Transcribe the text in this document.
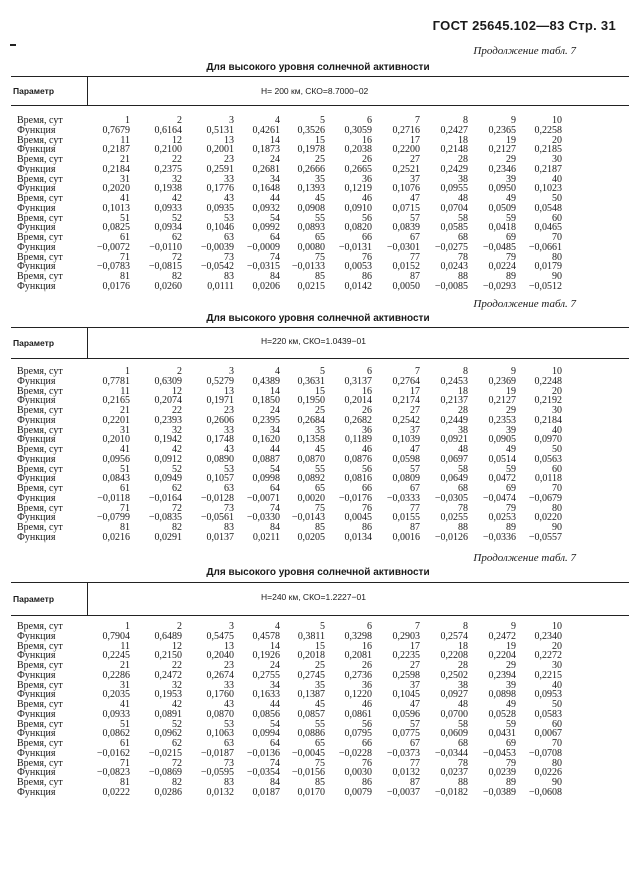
ГОСТ 25645.102—83 Стр. 31
Продолжение табл. 7
Для высокого уровня солнечной активности
Параметр	H= 200 км, СКО=8.7000−02
Время, сут	1	2	3	4	5	6	7	8	9	10
Функция	0,7679	0,6164	0,5131	0,4261	0,3526	0,3059	0,2716	0,2427	0,2365	0,2258
Время, сут	11	12	13	14	15	16	17	18	19	20
Функция	0,2187	0,2100	0,2001	0,1873	0,1978	0,2038	0,2200	0,2148	0,2127	0,2185
Время, сут	21	22	23	24	25	26	27	28	29	30
Функция	0,2184	0,2375	0,2591	0,2681	0,2666	0,2665	0,2521	0,2429	0,2346	0,2187
Время, сут	31	32	33	34	35	36	37	38	39	40
Функция	0,2020	0,1938	0,1776	0,1648	0,1393	0,1219	0,1076	0,0955	0,0950	0,1023
Время, сут	41	42	43	44	45	46	47	48	49	50
Функция	0,1013	0,0933	0,0935	0,0932	0,0908	0,0910	0,0715	0,0704	0,0509	0,0548
Время, сут	51	52	53	54	55	56	57	58	59	60
Функция	0,0825	0,0934	0,1046	0,0992	0,0893	0,0820	0,0839	0,0585	0,0418	0,0465
Время, сут	61	62	63	64	65	66	67	68	69	70
Функция	−0,0072	−0,0110	−0,0039	−0,0009	0,0080	−0,0131	−0,0301	−0,0275	−0,0485	−0,0661
Время, сут	71	72	73	74	75	76	77	78	79	80
Функция	−0,0783	−0,0815	−0,0542	−0,0315	−0,0133	0,0053	0,0152	0,0243	0,0224	0,0179
Время, сут	81	82	83	84	85	86	87	88	89	90
Функция	0,0176	0,0260	0,0111	0,0206	0,0215	0,0142	0,0050	−0,0085	−0,0293	−0,0512
Продолжение табл. 7
Для высокого уровня солнечной активности
Параметр	H=220 км, СКО=1.0439−01
Время, сут	1	2	3	4	5	6	7	8	9	10
Функция	0,7781	0,6309	0,5279	0,4389	0,3631	0,3137	0,2764	0,2453	0,2369	0,2248
Время, сут	11	12	13	14	15	16	17	18	19	20
Функция	0,2165	0,2074	0,1971	0,1850	0,1950	0,2014	0,2174	0,2137	0,2127	0,2192
Время, сут	21	22	23	24	25	26	27	28	29	30
Функция	0,2201	0,2393	0,2606	0,2395	0,2684	0,2682	0,2542	0,2449	0,2353	0,2184
Время, сут	31	32	33	34	35	36	37	38	39	40
Функция	0,2010	0,1942	0,1748	0,1620	0,1358	0,1189	0,1039	0,0921	0,0905	0,0970
Время, сут	41	42	43	44	45	46	47	48	49	50
Функция	0,0956	0,0912	0,0890	0,0887	0,0870	0,0876	0,0598	0,0697	0,0514	0,0563
Время, сут	51	52	53	54	55	56	57	58	59	60
Функция	0,0843	0,0949	0,1057	0,0998	0,0892	0,0816	0,0809	0,0649	0,0472	0,0118
Время, сут	61	62	63	64	65	66	67	68	69	70
Функция	−0,0118	−0,0164	−0,0128	−0,0071	0,0020	−0,0176	−0,0333	−0,0305	−0,0474	−0,0679
Время, сут	71	72	73	74	75	76	77	78	79	80
Функция	−0,0799	−0,0835	−0,0561	−0,0330	−0,0143	0,0045	0,0155	0,0255	0,0253	0,0220
Время, сут	81	82	83	84	85	86	87	88	89	90
Функция	0,0216	0,0291	0,0137	0,0211	0,0205	0,0134	0,0016	−0,0126	−0,0336	−0,0557
Продолжение табл. 7
Для высокого уровня солнечной активности
Параметр	H=240 км, СКО=1.2227−01
Время, сут	1	2	3	4	5	6	7	8	9	10
Функция	0,7904	0,6489	0,5475	0,4578	0,3811	0,3298	0,2903	0,2574	0,2472	0,2340
Время, сут	11	12	13	14	15	16	17	18	19	20
Функция	0,2245	0,2150	0,2040	0,1926	0,2018	0,2081	0,2235	0,2208	0,2204	0,2272
Время, сут	21	22	23	24	25	26	27	28	29	30
Функция	0,2286	0,2472	0,2674	0,2755	0,2745	0,2736	0,2598	0,2502	0,2394	0,2215
Время, сут	31	32	33	34	35	36	37	38	39	40
Функция	0,2035	0,1953	0,1760	0,1633	0,1387	0,1220	0,1045	0,0927	0,0898	0,0953
Время, сут	41	42	43	44	45	46	47	48	49	50
Функция	0,0933	0,0891	0,0870	0,0856	0,0857	0,0861	0,0596	0,0700	0,0528	0,0583
Время, сут	51	52	53	54	55	56	57	58	59	60
Функция	0,0862	0,0962	0,1063	0,0994	0,0886	0,0795	0,0775	0,0609	0,0431	0,0067
Время, сут	61	62	63	64	65	66	67	68	69	70
Функция	−0,0162	−0,0215	−0,0187	−0,0136	−0,0045	−0,0228	−0,0373	−0,0344	−0,0453	−0,0708
Время, сут	71	72	73	74	75	76	77	78	79	80
Функция	−0,0823	−0,0869	−0,0595	−0,0354	−0,0156	0,0030	0,0132	0,0237	0,0239	0,0226
Время, сут	81	82	83	84	85	86	87	88	89	90
Функция	0,0222	0,0286	0,0132	0,0187	0,0170	0,0079	−0,0037	−0,0182	−0,0389	−0,0608
